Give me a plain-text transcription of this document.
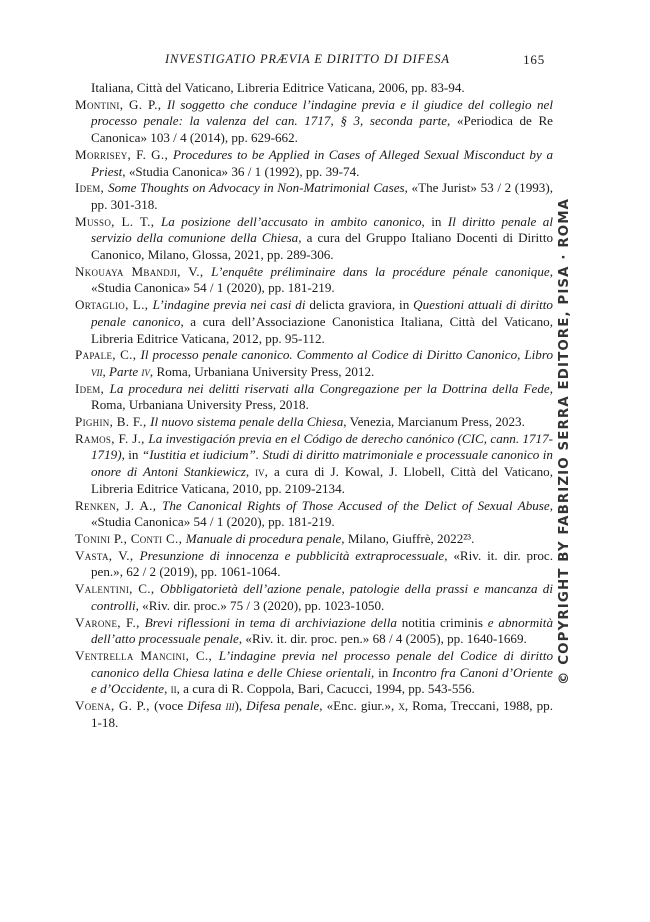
INVESTIGATIO PRÆVIA E DIRITTO DI DIFESA	165

Italiana, Città del Vaticano, Libreria Editrice Vaticana, 2006, pp. 83-94.

Montini, G. P., Il soggetto che conduce l’indagine previa e il giudice del collegio nel processo penale: la valenza del can. 1717, § 3, seconda parte, «Periodica de Re Canonica» 103 / 4 (2014), pp. 629-662.

Morrisey, F. G., Procedures to be Applied in Cases of Alleged Sexual Misconduct by a Priest, «Studia Canonica» 36 / 1 (1992), pp. 39-74.

Idem, Some Thoughts on Advocacy in Non-Matrimonial Cases, «The Jurist» 53 / 2 (1993), pp. 301-318.

Musso, L. T., La posizione dell’accusato in ambito canonico, in Il diritto penale al servizio della comunione della Chiesa, a cura del Gruppo Italiano Docenti di Diritto Canonico, Milano, Glossa, 2021, pp. 289-306.

Nkouaya Mbandji, V., L’enquête préliminaire dans la procédure pénale canonique, «Studia Canonica» 54 / 1 (2020), pp. 181-219.

Ortaglio, L., L’indagine previa nei casi di delicta graviora, in Questioni attuali di diritto penale canonico, a cura dell’Associazione Canonistica Italiana, Città del Vaticano, Libreria Editrice Vaticana, 2012, pp. 95-112.

Papale, C., Il processo penale canonico. Commento al Codice di Diritto Canonico, Libro vii, Parte iv, Roma, Urbaniana University Press, 2012.

Idem, La procedura nei delitti riservati alla Congregazione per la Dottrina della Fede, Roma, Urbaniana University Press, 2018.

Pighin, B. F., Il nuovo sistema penale della Chiesa, Venezia, Marcianum Press, 2023.

Ramos, F. J., La investigación previa en el Código de derecho canónico (CIC, cann. 1717-1719), in “Iustitia et iudicium”. Studi di diritto matrimoniale e processuale canonico in onore di Antoni Stankiewicz, iv, a cura di J. Kowal, J. Llobell, Città del Vaticano, Libreria Editrice Vaticana, 2010, pp. 2109-2134.

Renken, J. A., The Canonical Rights of Those Accused of the Delict of Sexual Abuse, «Studia Canonica» 54 / 1 (2020), pp. 181-219.

Tonini P., Conti C., Manuale di procedura penale, Milano, Giuffrè, 2022²³.

Vasta, V., Presunzione di innocenza e pubblicità extraprocessuale, «Riv. it. dir. proc. pen.», 62 / 2 (2019), pp. 1061-1064.

Valentini, C., Obbligatorietà dell’azione penale, patologie della prassi e mancanza di controlli, «Riv. dir. proc.» 75 / 3 (2020), pp. 1023-1050.

Varone, F., Brevi riflessioni in tema di archiviazione della notitia criminis e abnormità dell’atto processuale penale, «Riv. it. dir. proc. pen.» 68 / 4 (2005), pp. 1640-1669.

Ventrella Mancini, C., L’indagine previa nel processo penale del Codice di diritto canonico della Chiesa latina e delle Chiese orientali, in Incontro fra Canoni d’Oriente e d’Occidente, ii, a cura di R. Coppola, Bari, Cacucci, 1994, pp. 543-556.

Voena, G. P., (voce Difesa iii), Difesa penale, «Enc. giur.», x, Roma, Treccani, 1988, pp. 1-18.

© COPYRIGHT BY FABRIZIO SERRA EDITORE, PISA · ROMA
